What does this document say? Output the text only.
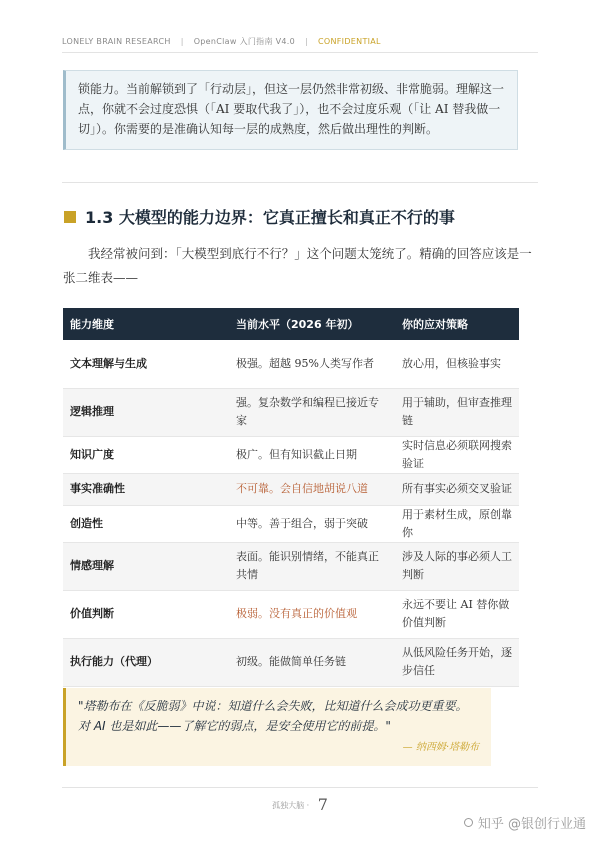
LONELY BRAIN RESEARCH | OpenClaw 入门指南 V4.0 | CONFIDENTIAL
锁能力。当前解锁到了「行动层」，但这一层仍然非常初级、非常脆弱。理解这一点，你就不会过度恐惧（「AI 要取代我了」），也不会过度乐观（「让 AI 替我做一切」）。你需要的是准确认知每一层的成熟度，然后做出理性的判断。
1.3 大模型的能力边界：它真正擅长和真正不行的事
我经常被问到：「大模型到底行不行？」这个问题太笼统了。精确的回答应该是一张二维表——
能力维度	当前水平（2026 年初）	你的应对策略
文本理解与生成	极强。超越 95%人类写作者	放心用，但核验事实
逻辑推理	强。复杂数学和编程已接近专家	用于辅助，但审查推理链
知识广度	极广。但有知识截止日期	实时信息必须联网搜索验证
事实准确性	不可靠。会自信地胡说八道	所有事实必须交叉验证
创造性	中等。善于组合，弱于突破	用于素材生成，原创靠你
情感理解	表面。能识别情绪，不能真正共情	涉及人际的事必须人工判断
价值判断	极弱。没有真正的价值观	永远不要让 AI 替你做价值判断
执行能力（代理）	初级。能做简单任务链	从低风险任务开始，逐步信任
"塔勒布在《反脆弱》中说：知道什么会失败，比知道什么会成功更重要。对 AI 也是如此——了解它的弱点，是安全使用它的前提。"
— 纳西姆·塔勒布
孤独大脑 · 7
知乎 @银创行业通
